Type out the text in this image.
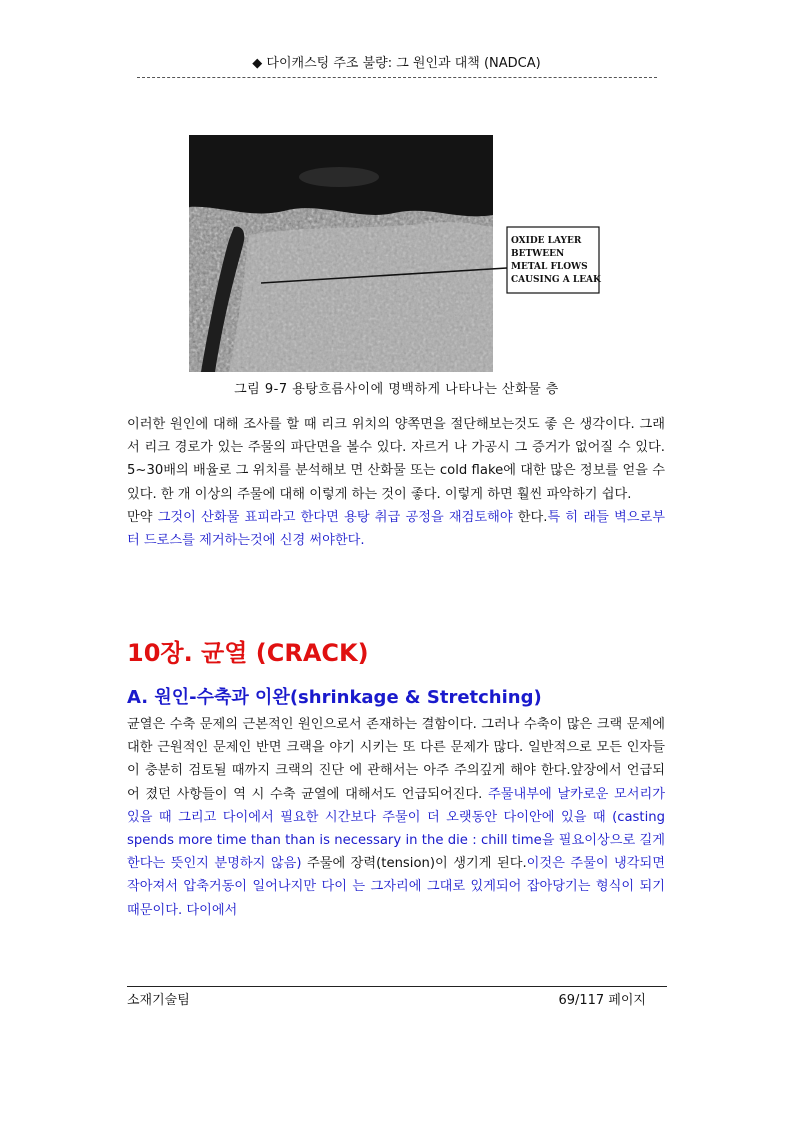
◆ 다이캐스팅 주조 불량: 그 원인과 대책 (NADCA)
OXIDE LAYER
BETWEEN
METAL FLOWS
CAUSING A LEAK
그림 9-7 용탕흐름사이에 명백하게 나타나는 산화물 층
이러한 원인에 대해 조사를 할 때 리크 위치의 양쪽면을 절단해보는것도 좋 은 생각이다. 그래서 리크 경로가 있는 주물의 파단면을 볼수 있다. 자르거 나 가공시 그 증거가 없어질 수 있다. 5~30배의 배율로 그 위치를 분석해보 면 산화물 또는 cold flake에 대한 많은 정보를 얻을 수 있다. 한 개 이상의 주물에 대해 이렇게 하는 것이 좋다. 이렇게 하면 훨씬 파악하기 쉽다.
만약 그것이 산화물 표피라고 한다면 용탕 취급 공정을 재검토해야 한다.특 히 래들 벽으로부터 드로스를 제거하는것에 신경 써야한다.
10장. 균열 (CRACK)
A. 원인-수축과 이완(shrinkage & Stretching)
균열은 수축 문제의 근본적인 원인으로서 존재하는 결함이다. 그러나 수축이 많은 크랙 문제에 대한 근원적인 문제인 반면 크랙을 야기 시키는 또 다른 문제가 많다. 일반적으로 모든 인자들이 충분히 검토될 때까지 크랙의 진단 에 관해서는 아주 주의깊게 해야 한다.앞장에서 언급되어 졌던 사항들이 역 시 수축 균열에 대해서도 언급되어진다. 주물내부에 날카로운 모서리가 있을 때 그리고 다이에서 필요한 시간보다 주물이 더 오랫동안 다이안에 있을 때 (casting spends more time than than is necessary in the die : chill time을 필요이상으로 길게 한다는 뜻인지 분명하지 않음) 주물에 장력(tension)이 생기게 된다.이것은 주물이 냉각되면 작아져서 압축거동이 일어나지만 다이 는 그자리에 그대로 있게되어 잡아당기는 형식이 되기 때문이다. 다이에서
소재기술팀	69/117 페이지
